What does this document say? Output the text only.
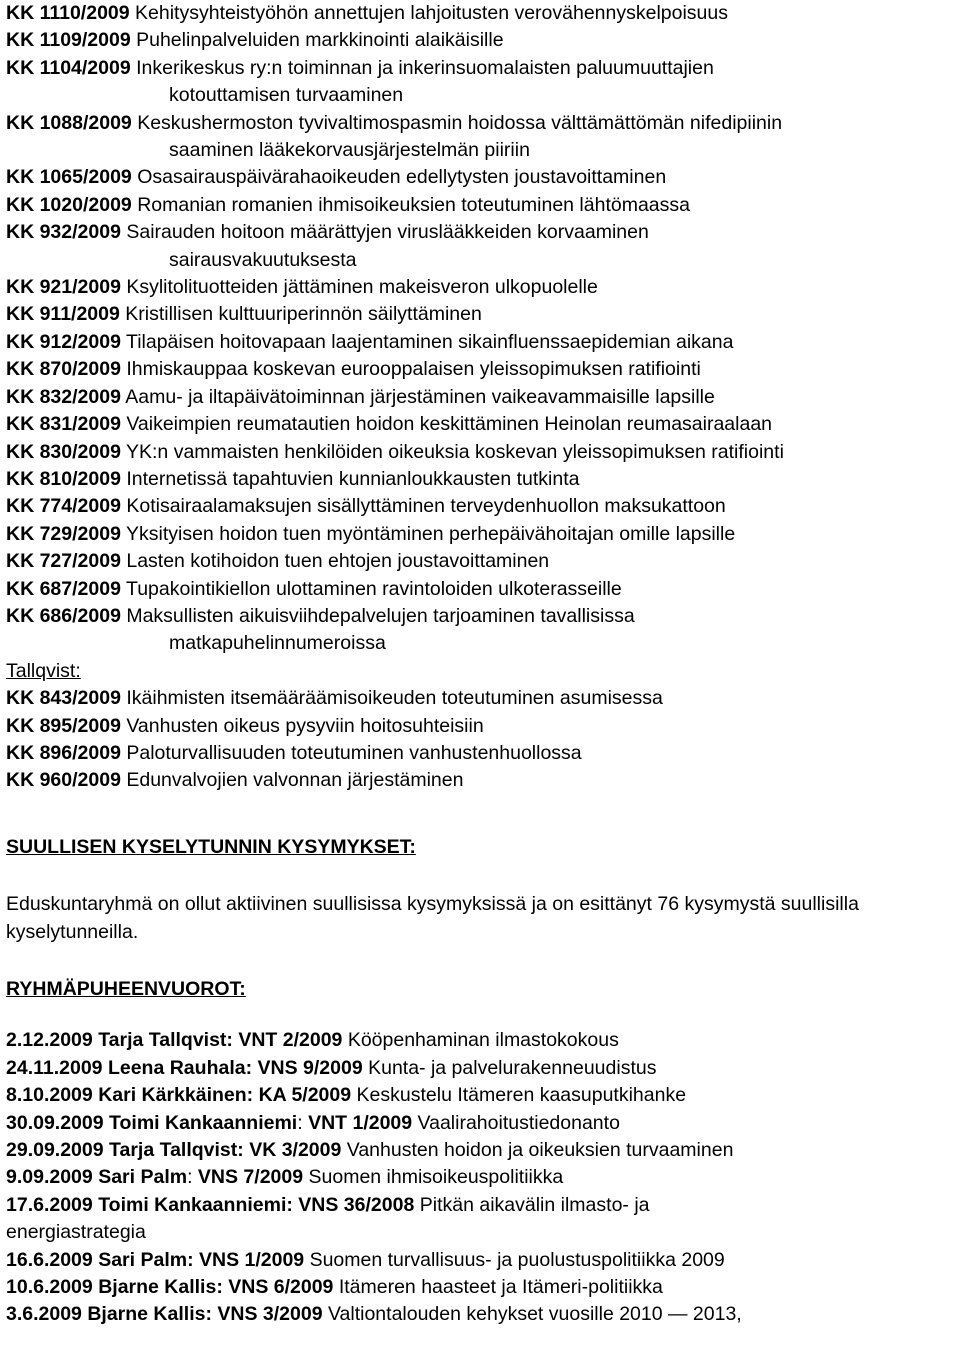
KK 1110/2009 Kehitysyhteistyöhön annettujen lahjoitusten verovähennyskelpoisuus
KK 1109/2009 Puhelinpalveluiden markkinointi alaikäisille
KK 1104/2009 Inkerikeskus ry:n toiminnan ja inkerinsuomalaisten paluumuuttajien
kotouttamisen turvaaminen
KK 1088/2009 Keskushermoston tyvivaltimospasmin hoidossa välttämättömän nifedipiinin
saaminen lääkekorvausjärjestelmän piiriin
KK 1065/2009 Osasairauspäivärahaoikeuden edellytysten joustavoittaminen
KK 1020/2009 Romanian romanien ihmisoikeuksien toteutuminen lähtömaassa
KK 932/2009 Sairauden hoitoon määrättyjen viruslääkkeiden korvaaminen
sairausvakuutuksesta
KK 921/2009 Ksylitolituotteiden jättäminen makeisveron ulkopuolelle
KK 911/2009 Kristillisen kulttuuriperinnön säilyttäminen
KK 912/2009 Tilapäisen hoitovapaan laajentaminen sikainfluenssaepidemian aikana
KK 870/2009 Ihmiskauppaa koskevan eurooppalaisen yleissopimuksen ratifiointi
KK 832/2009 Aamu- ja iltapäivätoiminnan järjestäminen vaikeavammaisille lapsille
KK 831/2009 Vaikeimpien reumatautien hoidon keskittäminen Heinolan reumasairaalaan
KK 830/2009 YK:n vammaisten henkilöiden oikeuksia koskevan yleissopimuksen ratifiointi
KK 810/2009 Internetissä tapahtuvien kunnianloukkausten tutkinta
KK 774/2009 Kotisairaalamaksujen sisällyttäminen terveydenhuollon maksukattoon
KK 729/2009 Yksityisen hoidon tuen myöntäminen perhepäivähoitajan omille lapsille
KK 727/2009 Lasten kotihoidon tuen ehtojen joustavoittaminen
KK 687/2009 Tupakointikiellon ulottaminen ravintoloiden ulkoterasseille
KK 686/2009 Maksullisten aikuisviihdepalvelujen tarjoaminen tavallisissa
matkapuhelinnumeroissa
Tallqvist:
KK 843/2009 Ikäihmisten itsemääräämisoikeuden toteutuminen asumisessa
KK 895/2009 Vanhusten oikeus pysyviin hoitosuhteisiin
KK 896/2009 Paloturvallisuuden toteutuminen vanhustenhuollossa
KK 960/2009 Edunvalvojien valvonnan järjestäminen
SUULLISEN KYSELYTUNNIN KYSYMYKSET:
Eduskuntaryhmä on ollut aktiivinen suullisissa kysymyksissä ja on esittänyt 76 kysymystä suullisilla kyselytunneilla.
RYHMÄPUHEENVUOROT:
2.12.2009 Tarja Tallqvist: VNT 2/2009 Kööpenhaminan ilmastokokous
24.11.2009 Leena Rauhala: VNS 9/2009 Kunta- ja palvelurakenneuudistus
8.10.2009 Kari Kärkkäinen: KA 5/2009 Keskustelu Itämeren kaasuputkihanke
30.09.2009 Toimi Kankaanniemi: VNT 1/2009 Vaalirahoitustiedonanto
29.09.2009 Tarja Tallqvist: VK 3/2009 Vanhusten hoidon ja oikeuksien turvaaminen
9.09.2009 Sari Palm: VNS 7/2009 Suomen ihmisoikeuspolitiikka
17.6.2009 Toimi Kankaanniemi: VNS 36/2008 Pitkän aikavälin ilmasto- ja
energiastrategia
16.6.2009 Sari Palm: VNS 1/2009 Suomen turvallisuus- ja puolustuspolitiikka 2009
10.6.2009 Bjarne Kallis: VNS 6/2009 Itämeren haasteet ja Itämeri-politiikka
3.6.2009 Bjarne Kallis: VNS 3/2009 Valtiontalouden kehykset vuosille 2010 — 2013,
